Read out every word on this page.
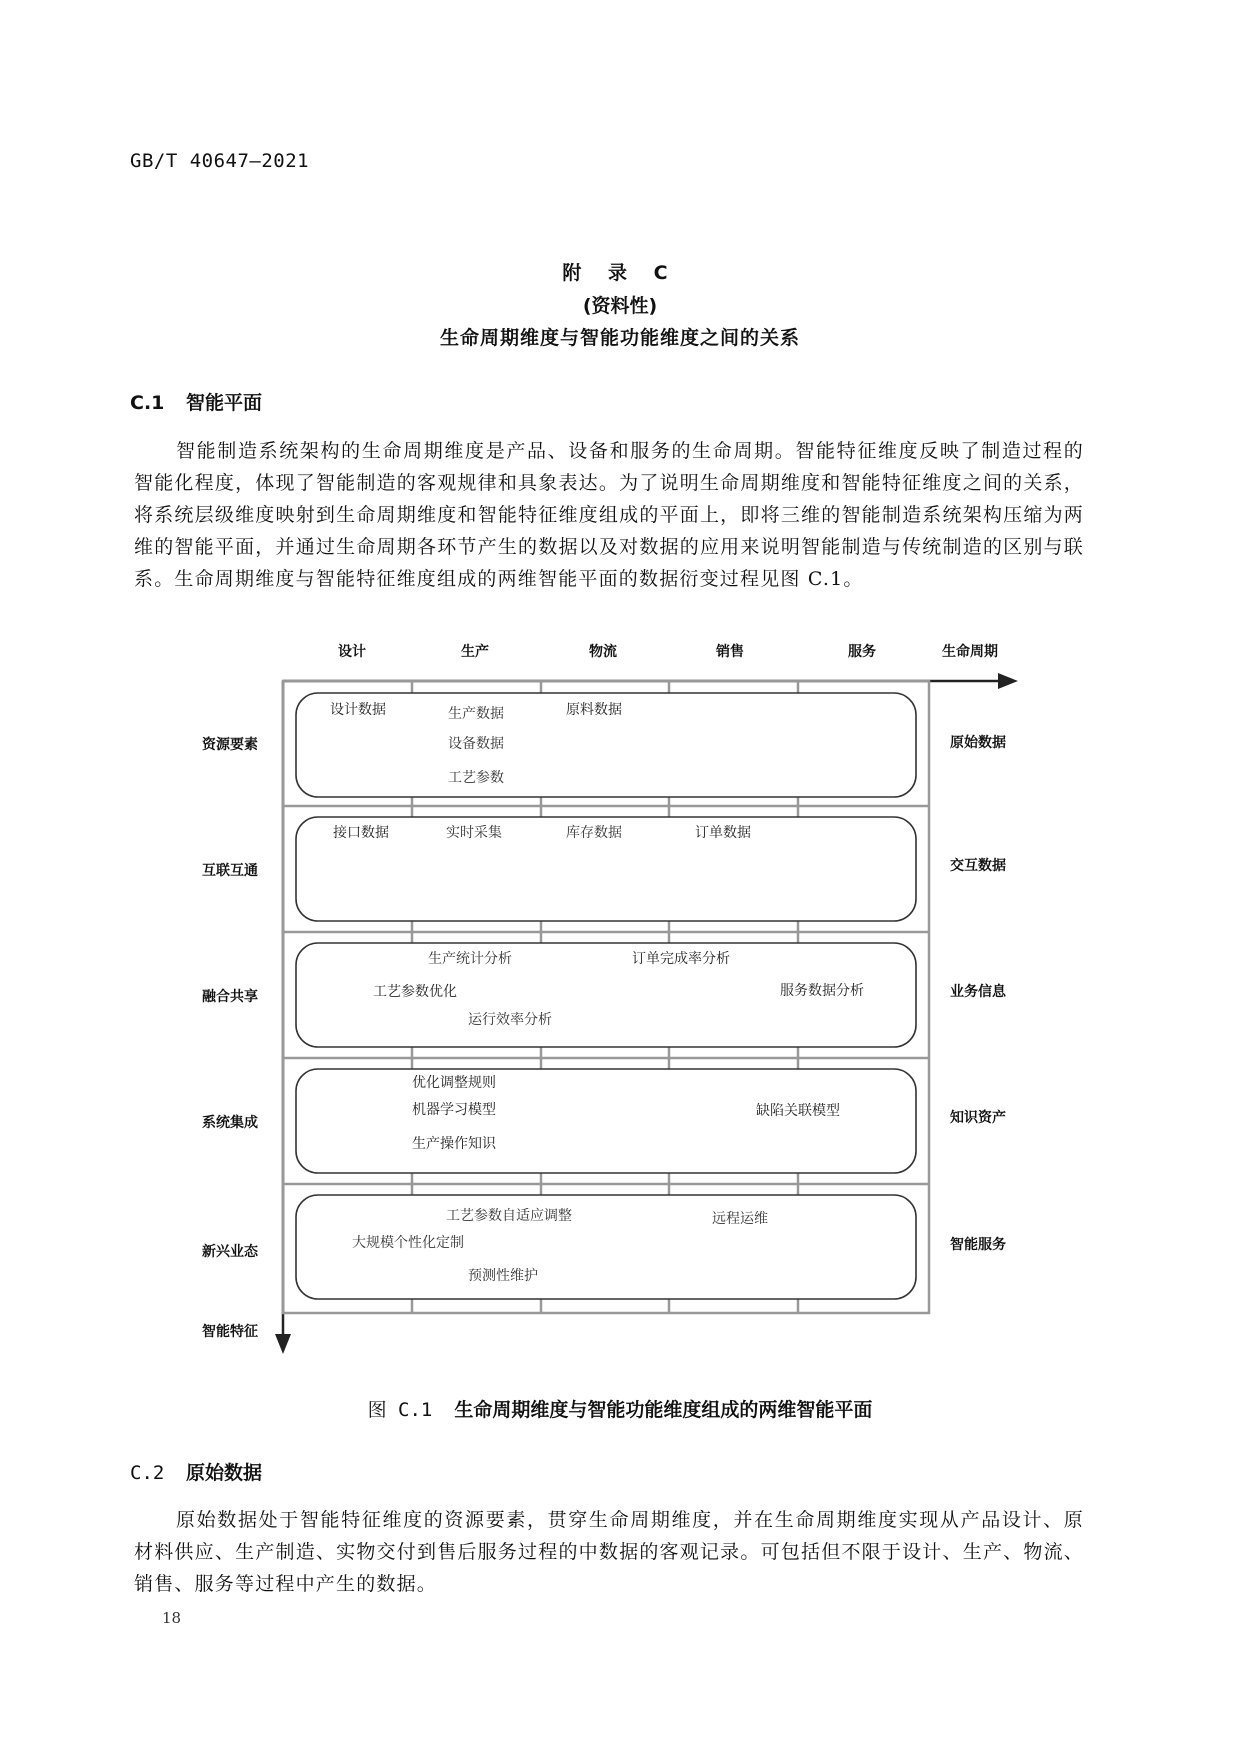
GB/T 40647—2021
附 录 C
(资料性)
生命周期维度与智能功能维度之间的关系
C.1 智能平面

智能制造系统架构的生命周期维度是产品、设备和服务的生命周期。智能特征维度反映了制造过程的智能化程度，体现了智能制造的客观规律和具象表达。为了说明生命周期维度和智能特征维度之间的关系，将系统层级维度映射到生命周期维度和智能特征维度组成的平面上，即将三维的智能制造系统架构压缩为两维的智能平面，并通过生命周期各环节产生的数据以及对数据的应用来说明智能制造与传统制造的区别与联系。生命周期维度与智能特征维度组成的两维智能平面的数据衍变过程见图 C.1。

设计	生产	物流	销售	服务	生命周期
资源要素
互联互通
融合共享
系统集成
新兴业态
智能特征
原始数据
交互数据
业务信息
知识资产
智能服务
设计数据	生产数据	原料数据
设备数据
工艺参数
接口数据	实时采集	库存数据	订单数据
生产统计分析	订单完成率分析
工艺参数优化	服务数据分析
运行效率分析
优化调整规则
机器学习模型	缺陷关联模型
生产操作知识
工艺参数自适应调整	远程运维
大规模个性化定制
预测性维护
图 C.1 生命周期维度与智能功能维度组成的两维智能平面
C.2 原始数据

原始数据处于智能特征维度的资源要素，贯穿生命周期维度，并在生命周期维度实现从产品设计、原材料供应、生产制造、实物交付到售后服务过程的中数据的客观记录。可包括但不限于设计、生产、物流、销售、服务等过程中产生的数据。

18
